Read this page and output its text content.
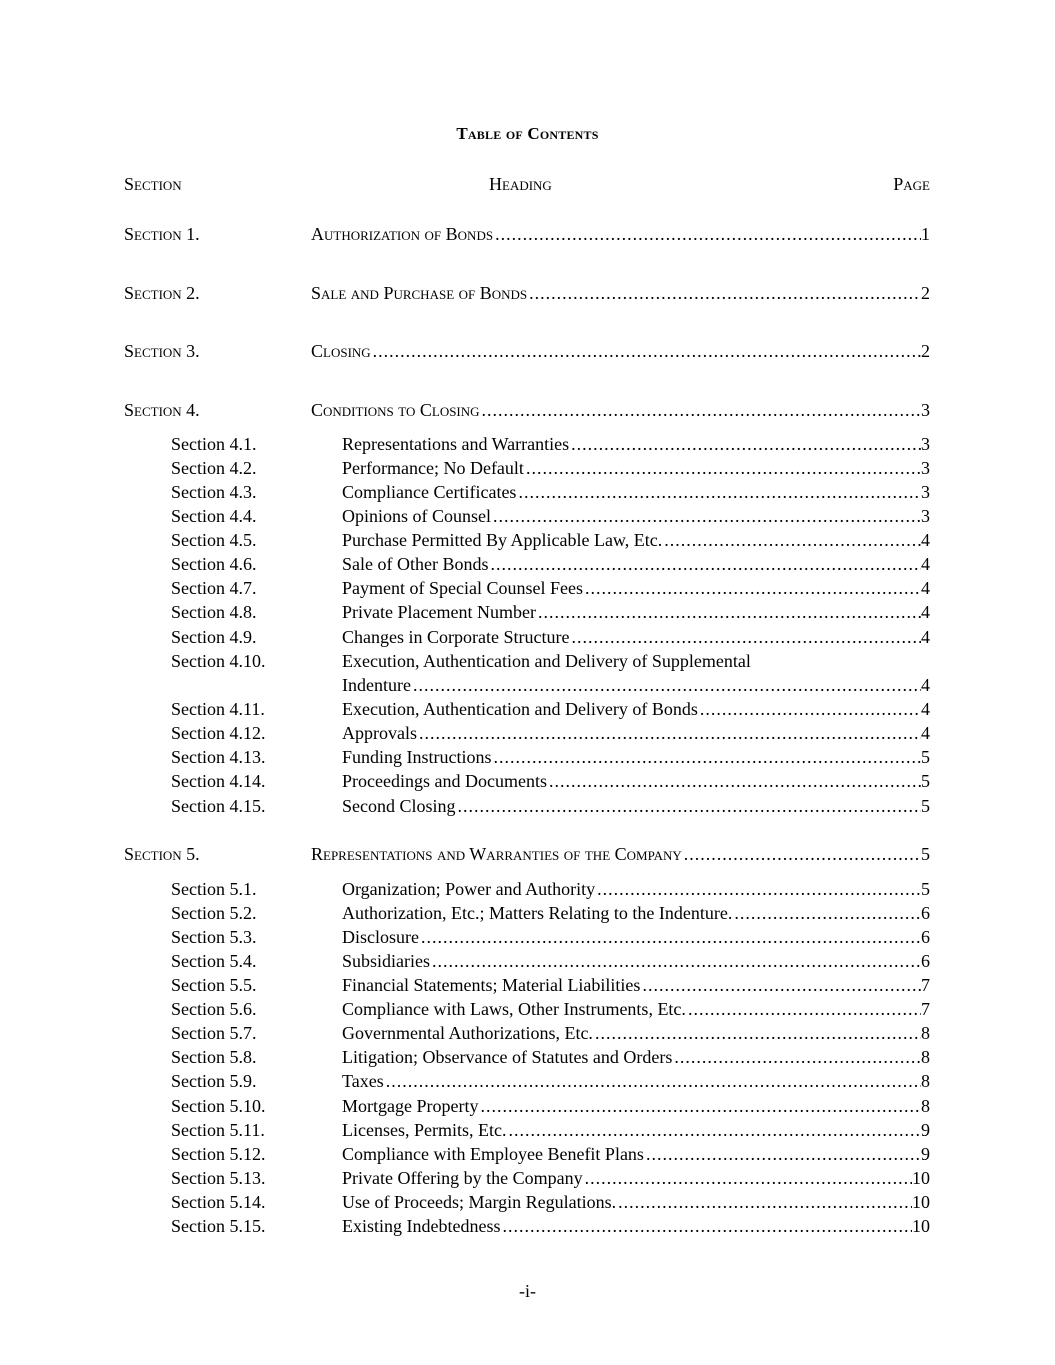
Table of Contents
Section	Heading	Page
Section 1.	Authorization of Bonds .....	1
Section 2.	Sale and Purchase of Bonds .....	2
Section 3.	Closing .....	2
Section 4.	Conditions to Closing .....	3
Section 4.1.	Representations and Warranties .....	3
Section 4.2.	Performance; No Default .....	3
Section 4.3.	Compliance Certificates .....	3
Section 4.4.	Opinions of Counsel .....	3
Section 4.5.	Purchase Permitted By Applicable Law, Etc. .....	4
Section 4.6.	Sale of Other Bonds .....	4
Section 4.7.	Payment of Special Counsel Fees .....	4
Section 4.8.	Private Placement Number .....	4
Section 4.9.	Changes in Corporate Structure .....	4
Section 4.10.	Execution, Authentication and Delivery of Supplemental
Indenture .....	4
Section 4.11.	Execution, Authentication and Delivery of Bonds .....	4
Section 4.12.	Approvals .....	4
Section 4.13.	Funding Instructions .....	5
Section 4.14.	Proceedings and Documents .....	5
Section 4.15.	Second Closing .....	5
Section 5.	Representations and Warranties of the Company .....	5
Section 5.1.	Organization; Power and Authority .....	5
Section 5.2.	Authorization, Etc.; Matters Relating to the Indenture. .....	6
Section 5.3.	Disclosure .....	6
Section 5.4.	Subsidiaries .....	6
Section 5.5.	Financial Statements; Material Liabilities .....	7
Section 5.6.	Compliance with Laws, Other Instruments, Etc. .....	7
Section 5.7.	Governmental Authorizations, Etc. .....	8
Section 5.8.	Litigation; Observance of Statutes and Orders .....	8
Section 5.9.	Taxes .....	8
Section 5.10.	Mortgage Property .....	8
Section 5.11.	Licenses, Permits, Etc. .....	9
Section 5.12.	Compliance with Employee Benefit Plans .....	9
Section 5.13.	Private Offering by the Company .....	10
Section 5.14.	Use of Proceeds; Margin Regulations. .....	10
Section 5.15.	Existing Indebtedness .....	10
-i-
